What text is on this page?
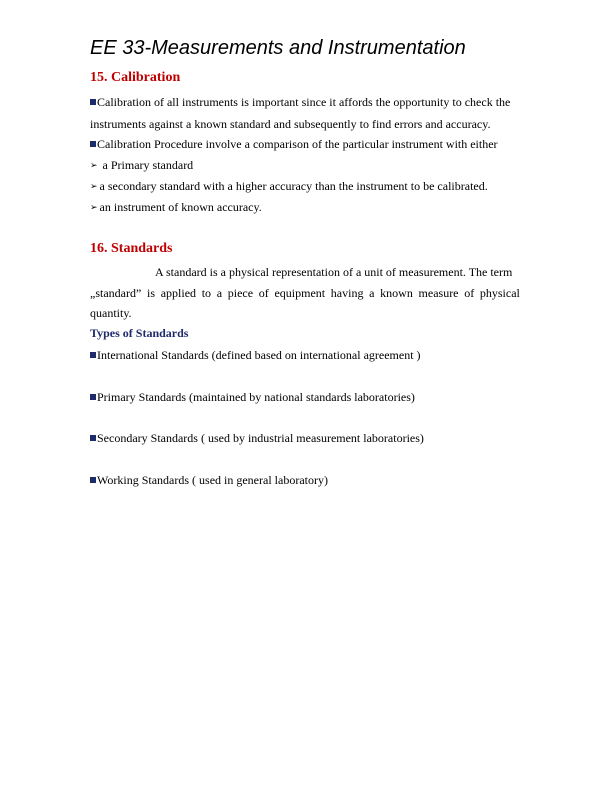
EE 33-Measurements and Instrumentation
15. Calibration
Calibration of all instruments is important since it affords the opportunity to check the
instruments against a known standard and subsequently to find errors and accuracy.
Calibration Procedure involve a comparison of the particular instrument with either
➢ a Primary standard
➢ a secondary standard with a higher accuracy than the instrument to be calibrated.
➢ an instrument of known accuracy.
16. Standards
A standard is a physical representation of a unit of measurement. The term
„standard” is applied to a piece of equipment having a known measure of physical
quantity.
Types of Standards
International Standards (defined based on international agreement )
Primary Standards (maintained by national standards laboratories)
Secondary Standards ( used by industrial measurement laboratories)
Working Standards ( used in general laboratory)
